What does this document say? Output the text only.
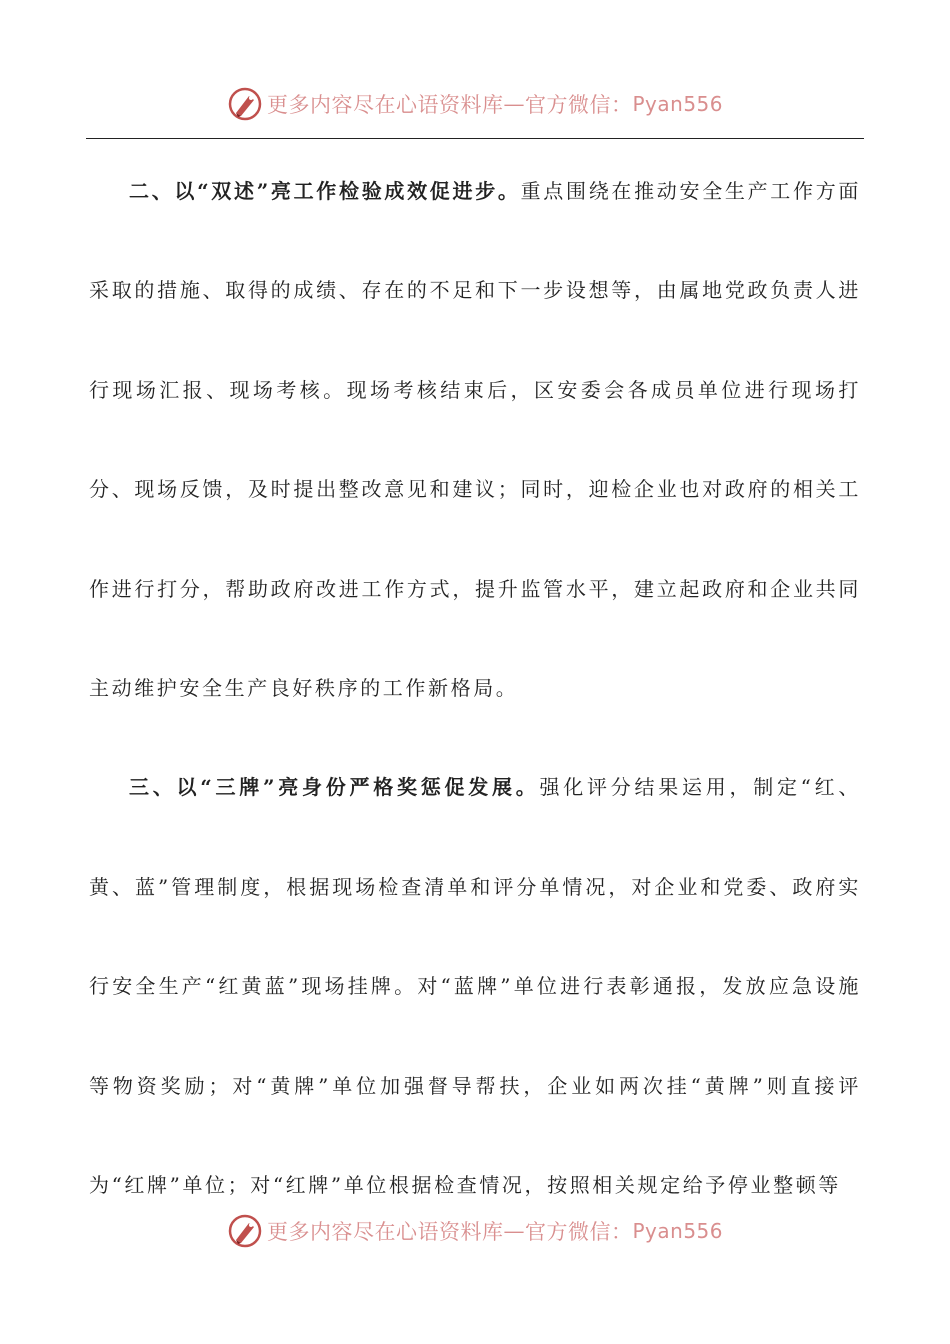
更多内容尽在心语资料库 — 官方微信： Pyan556

二、以“双述”亮工作检验成效促进步。重点围绕在推动安全生产工作方面采取的措施、取得的成绩、存在的不足和下一步设想等，由属地党政负责人进行现场汇报、现场考核。现场考核结束后，区安委会各成员单位进行现场打分、现场反馈，及时提出整改意见和建议；同时，迎检企业也对政府的相关工作进行打分，帮助政府改进工作方式，提升监管水平，建立起政府和企业共同主动维护安全生产良好秩序的工作新格局。

三、以“三牌”亮身份严格奖惩促发展。强化评分结果运用，制定“红、黄、蓝”管理制度，根据现场检查清单和评分单情况，对企业和党委、政府实行安全生产“红黄蓝”现场挂牌。对“蓝牌”单位进行表彰通报，发放应急设施等物资奖励；对“黄牌”单位加强督导帮扶，企业如两次挂“黄牌”则直接评为“红牌”单位；对“红牌”单位根据检查情况，按照相关规定给予停业整顿等

更多内容尽在心语资料库 — 官方微信： Pyan556
